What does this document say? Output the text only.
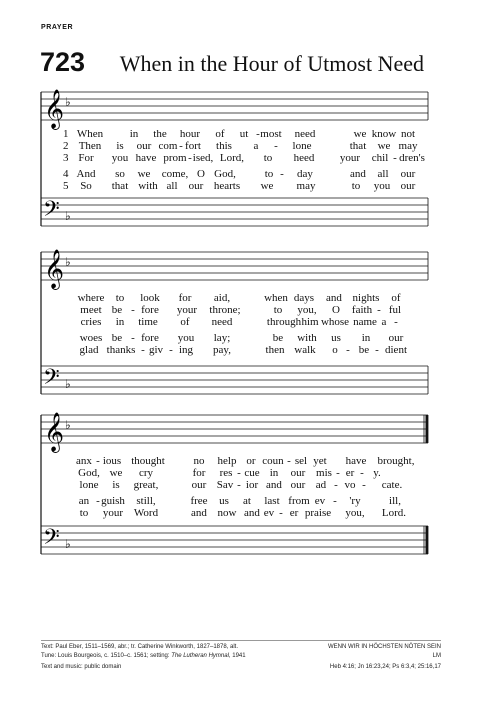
PRAYER
723 When in the Hour of Utmost Need
𝄞 ♭
𝄢 ♭
1 When in the hour of ut - most need	we know not
2 Then is our com - fort this a - lone	that we may
3 For you have prom - ised, Lord, to heed your chil - dren's
4 And so we come, O God,	to - day	and all our
5 So that with all our hearts we may	to you our
𝄞 ♭
𝄢 ♭
where to look for aid,	when days and nights of
meet be - fore your throne;	to you, O faith - ful
cries in time of need	through him whose name a -
woes be - fore you lay;	be with us in our
glad thanks - giv - ing pay,	then walk o - be - dient
𝄞 ♭
𝄢 ♭
anx - ious thought	no help or coun - sel yet have brought,
God, we cry	for res - cue in our mis - er - y.
lone is great,	our Sav - ior and our ad - vo - cate.
an - guish still,	free us at last from ev - 'ry	ill,
to your Word	and now and ev - er praise you, Lord.
Text: Paul Eber, 1511–1569, abr.; tr. Catherine Winkworth, 1827–1878, alt.	WENN WIR IN HÖCHSTEN NÖTEN SEIN
Tune: Louis Bourgeois, c. 1510–c. 1561; setting: The Lutheran Hymnal, 1941	LM
Text and music: public domain	Heb 4:16; Jn 16:23,24; Ps 6:3,4; 25:16,17
